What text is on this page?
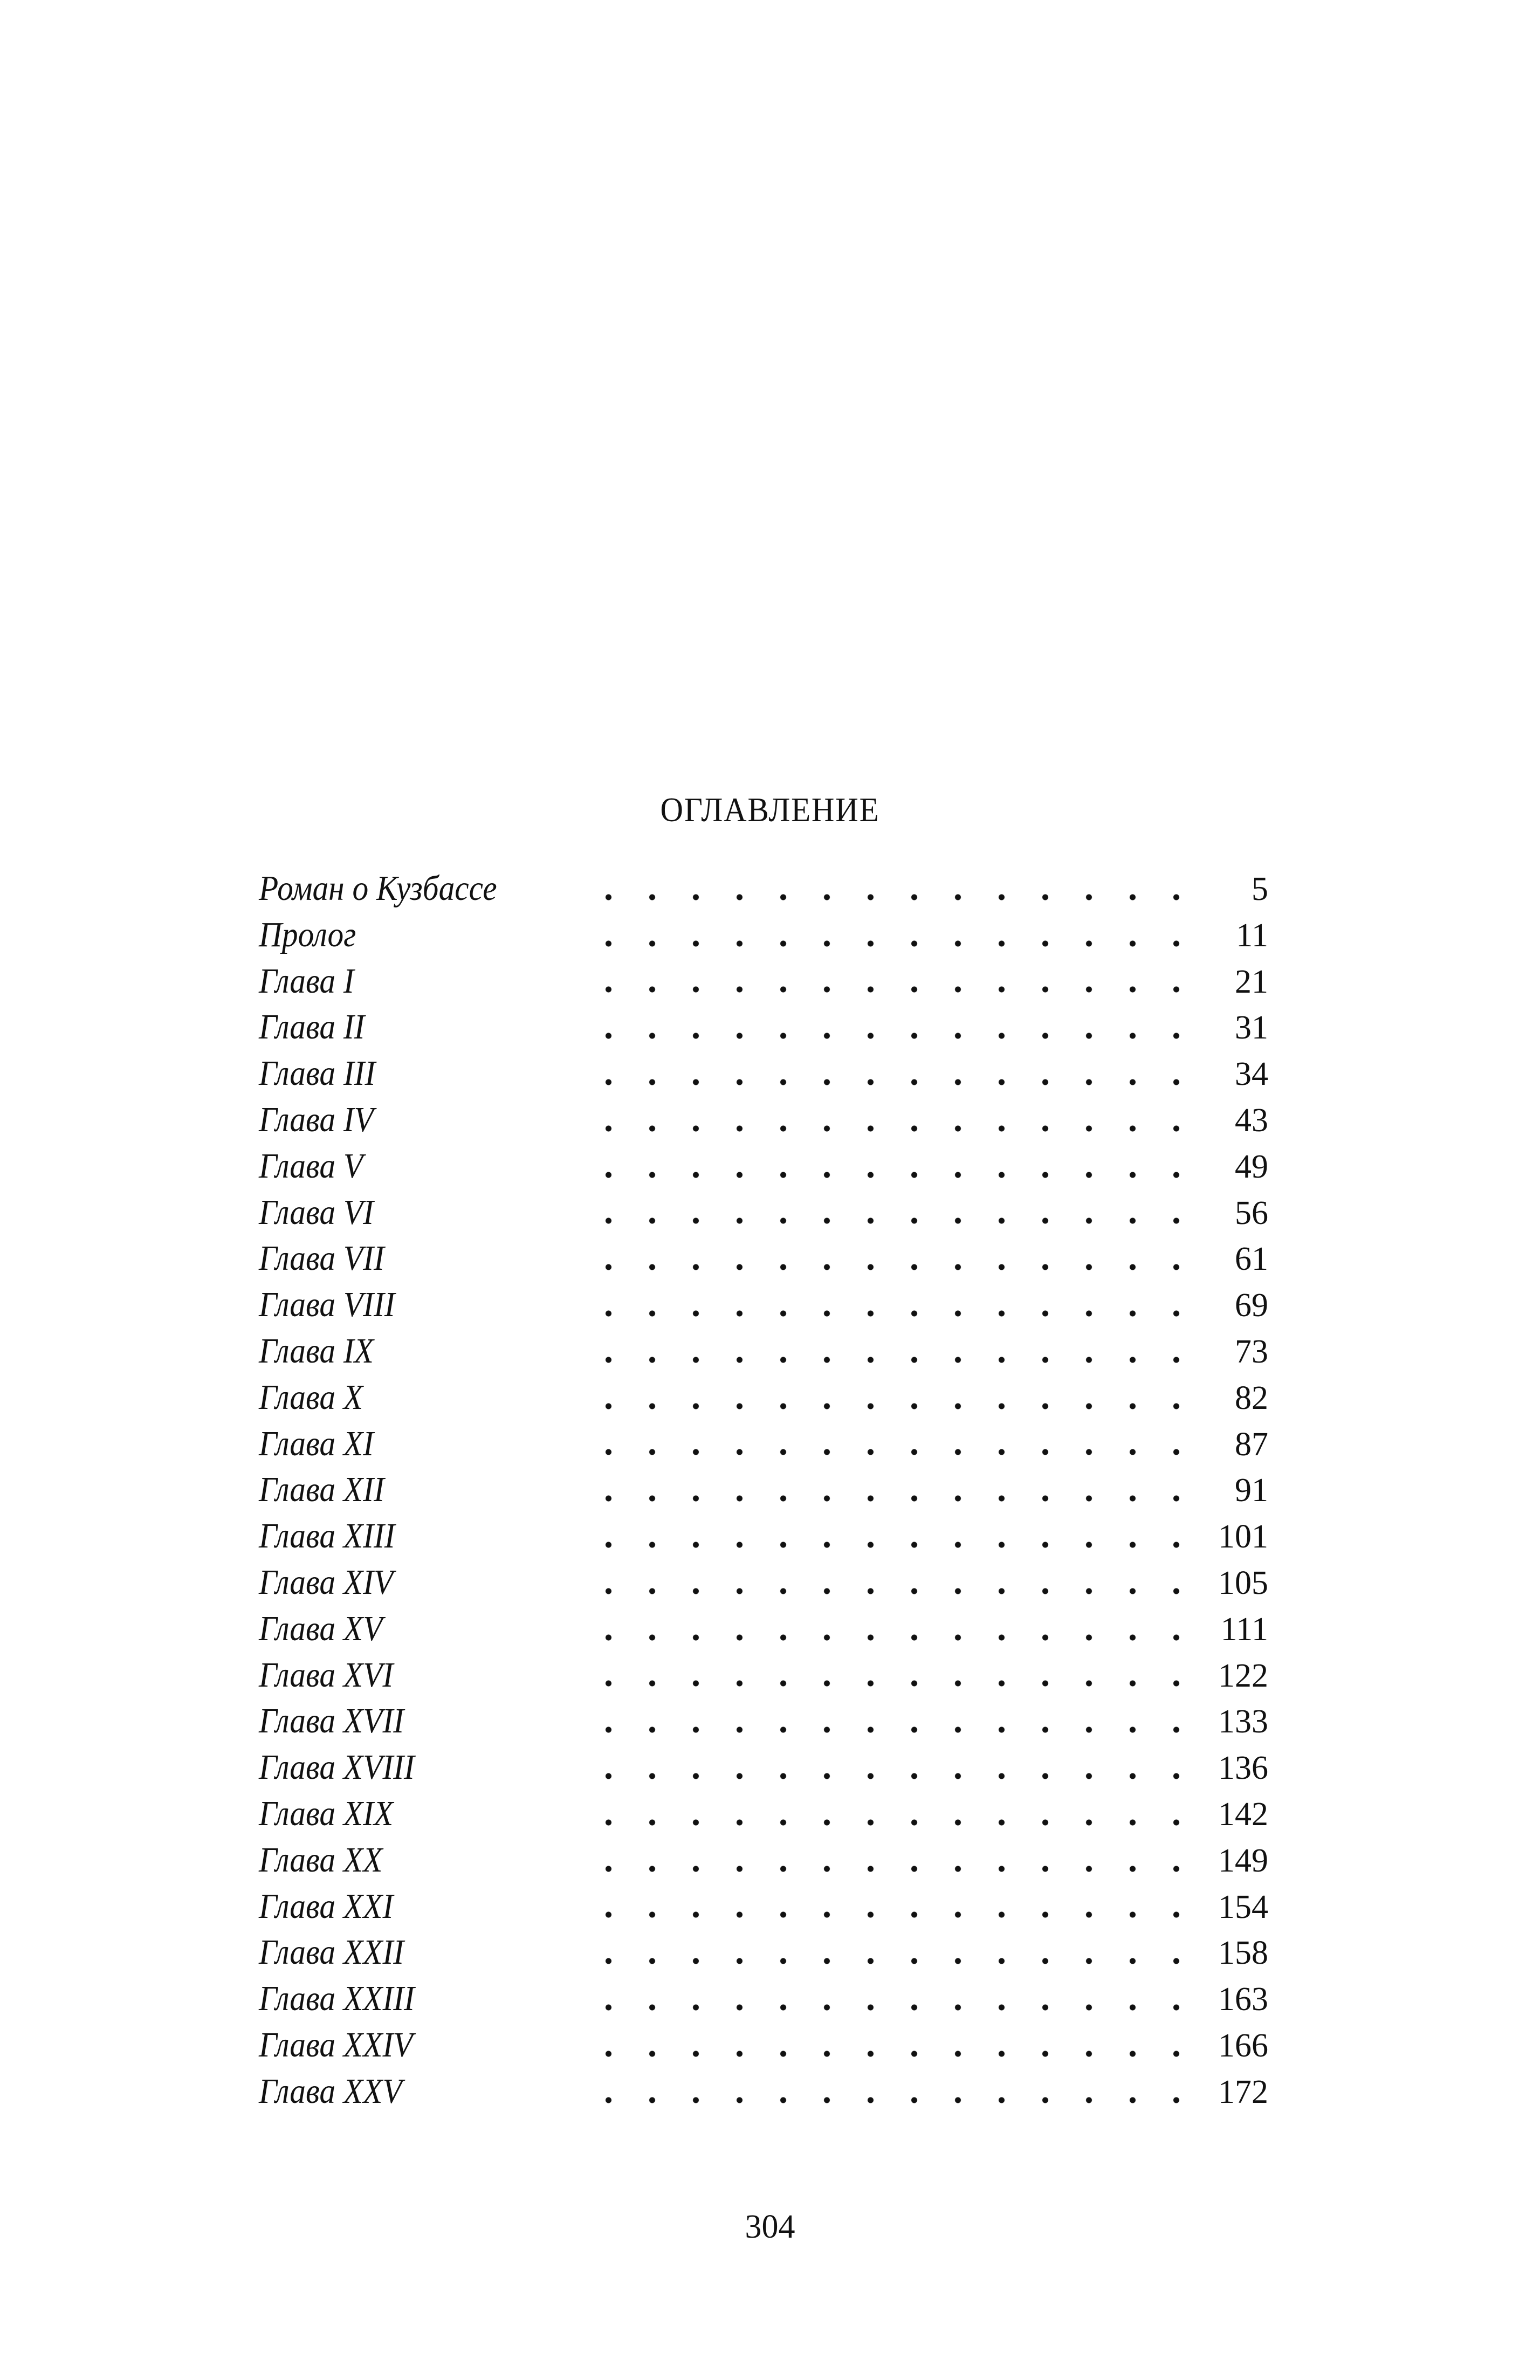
ОГЛАВЛЕНИЕ
Роман о Кузбассе	5
Пролог	11
Глава I	21
Глава II	31
Глава III	34
Глава IV	43
Глава V	49
Глава VI	56
Глава VII	61
Глава VIII	69
Глава IX	73
Глава X	82
Глава XI	87
Глава XII	91
Глава XIII	101
Глава XIV	105
Глава XV	111
Глава XVI	122
Глава XVII	133
Глава XVIII	136
Глава XIX	142
Глава XX	149
Глава XXI	154
Глава XXII	158
Глава XXIII	163
Глава XXIV	166
Глава XXV	172
304
